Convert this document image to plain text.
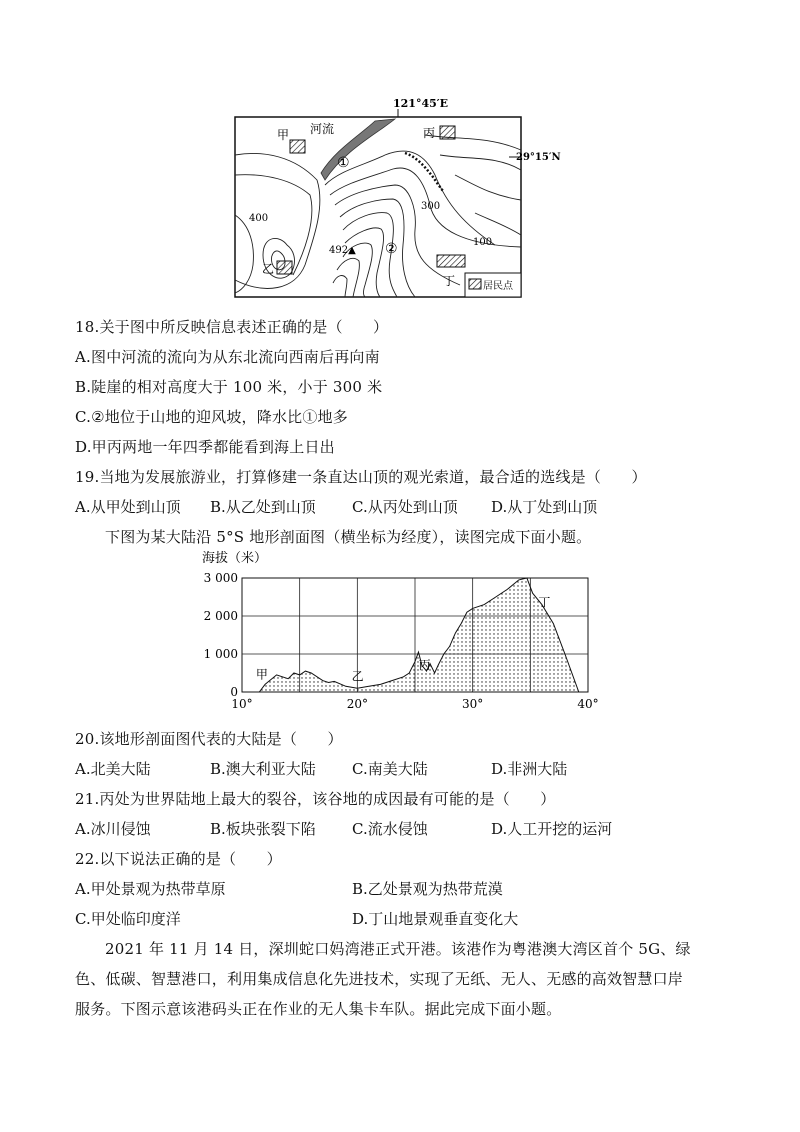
121°45′E
河流
甲	丙
乙
丁
①
②
400
300
100
492▲
29°15′N
居民点
18.关于图中所反映信息表述正确的是（　　）
A.图中河流的流向为从东北流向西南后再向南
B.陡崖的相对高度大于 100 米，小于 300 米
C.②地位于山地的迎风坡，降水比①地多
D.甲丙两地一年四季都能看到海上日出
19.当地为发展旅游业，打算修建一条直达山顶的观光索道，最合适的选线是（　　）
A.从甲处到山顶 B.从乙处到山顶 C.从丙处到山顶 D.从丁处到山顶
下图为某大陆沿 5°S 地形剖面图（横坐标为经度），读图完成下面小题。
海拔（米）
3 000
2 000
1 000
0
10°	20°	30°	40°
甲	乙
丙
丁
20.该地形剖面图代表的大陆是（　　）
A.北美大陆	B.澳大利亚大陆 C.南美大陆	D.非洲大陆
21.丙处为世界陆地上最大的裂谷，该谷地的成因最有可能的是（　　）
A.冰川侵蚀	B.板块张裂下陷 C.流水侵蚀	D.人工开挖的运河
22.以下说法正确的是（　　）
A.甲处景观为热带草原	B.乙处景观为热带荒漠
C.甲处临印度洋	D.丁山地景观垂直变化大
2021 年 11 月 14 日，深圳蛇口妈湾港正式开港。该港作为粤港澳大湾区首个 5G、绿
色、低碳、智慧港口，利用集成信息化先进技术，实现了无纸、无人、无感的高效智慧口岸
服务。下图示意该港码头正在作业的无人集卡车队。据此完成下面小题。
